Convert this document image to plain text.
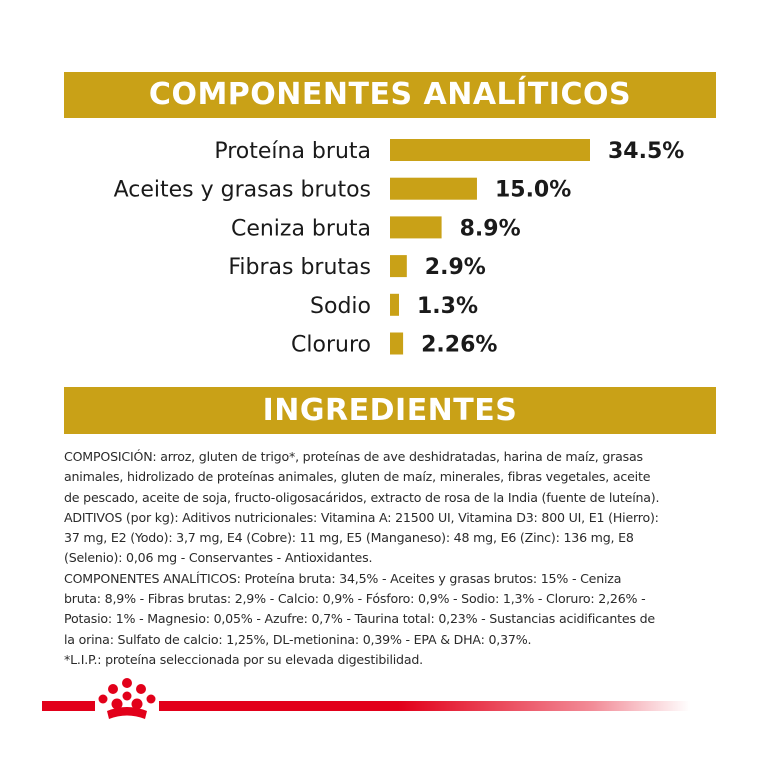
COMPONENTES ANALÍTICOS
Proteína bruta	34.5%
Aceites y grasas brutos	15.0%
Ceniza bruta	8.9%
Fibras brutas 2.9%
Sodio 1.3%
Cloruro 2.26%
INGREDIENTES
COMPOSICIÓN: arroz, gluten de trigo*, proteínas de ave deshidratadas, harina de maíz, grasas
animales, hidrolizado de proteínas animales, gluten de maíz, minerales, fibras vegetales, aceite
de pescado, aceite de soja, fructo-oligosacáridos, extracto de rosa de la India (fuente de luteína).
ADITIVOS (por kg): Aditivos nutricionales: Vitamina A: 21500 UI, Vitamina D3: 800 UI, E1 (Hierro):
37 mg, E2 (Yodo): 3,7 mg, E4 (Cobre): 11 mg, E5 (Manganeso): 48 mg, E6 (Zinc): 136 mg, E8
(Selenio): 0,06 mg - Conservantes - Antioxidantes.
COMPONENTES ANALÍTICOS: Proteína bruta: 34,5% - Aceites y grasas brutos: 15% - Ceniza
bruta: 8,9% - Fibras brutas: 2,9% - Calcio: 0,9% - Fósforo: 0,9% - Sodio: 1,3% - Cloruro: 2,26% -
Potasio: 1% - Magnesio: 0,05% - Azufre: 0,7% - Taurina total: 0,23% - Sustancias acidificantes de
la orina: Sulfato de calcio: 1,25%, DL-metionina: 0,39% - EPA & DHA: 0,37%.
*L.I.P.: proteína seleccionada por su elevada digestibilidad.
